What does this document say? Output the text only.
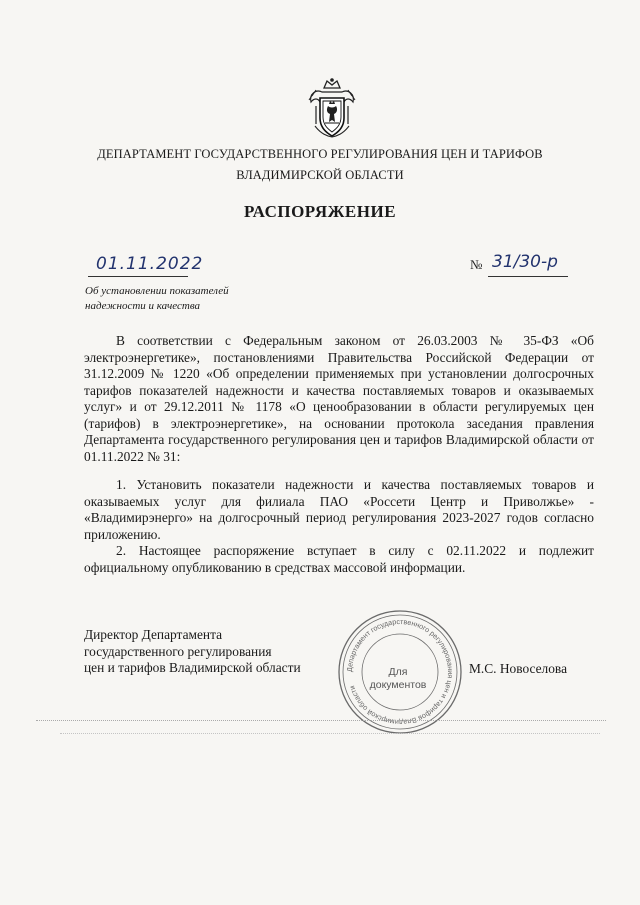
ДЕПАРТАМЕНТ ГОСУДАРСТВЕННОГО РЕГУЛИРОВАНИЯ ЦЕН И ТАРИФОВ
ВЛАДИМИРСКОЙ ОБЛАСТИ
РАСПОРЯЖЕНИЕ
01.11.2022	№ 31/30-р
Об установлении показателей
надежности и качества

В соответствии с Федеральным законом от 26.03.2003 № 35-ФЗ «Об электроэнергетике», постановлениями Правительства Российской Федерации от 31.12.2009 № 1220 «Об определении применяемых при установлении долгосрочных тарифов показателей надежности и качества поставляемых товаров и оказываемых услуг» и от 29.12.2011 № 1178 «О ценообразовании в области регулируемых цен (тарифов) в электроэнергетике», на основании протокола заседания правления Департамента государственного регулирования цен и тарифов Владимирской области от 01.11.2022 № 31:

1. Установить показатели надежности и качества поставляемых товаров и оказываемых услуг для филиала ПАО «Россети Центр и Приволжье» - «Владимирэнерго» на долгосрочный период регулирования 2023-2027 годов согласно приложению.

2. Настоящее распоряжение вступает в силу с 02.11.2022 и подлежит официальному опубликованию в средствах массовой информации.

Директор Департамента
государственного регулирования
цен и тарифов Владимирской области	Департамент государственного регулирования цен и тарифов Владимирской области
Для
документов
М.С. Новоселова
